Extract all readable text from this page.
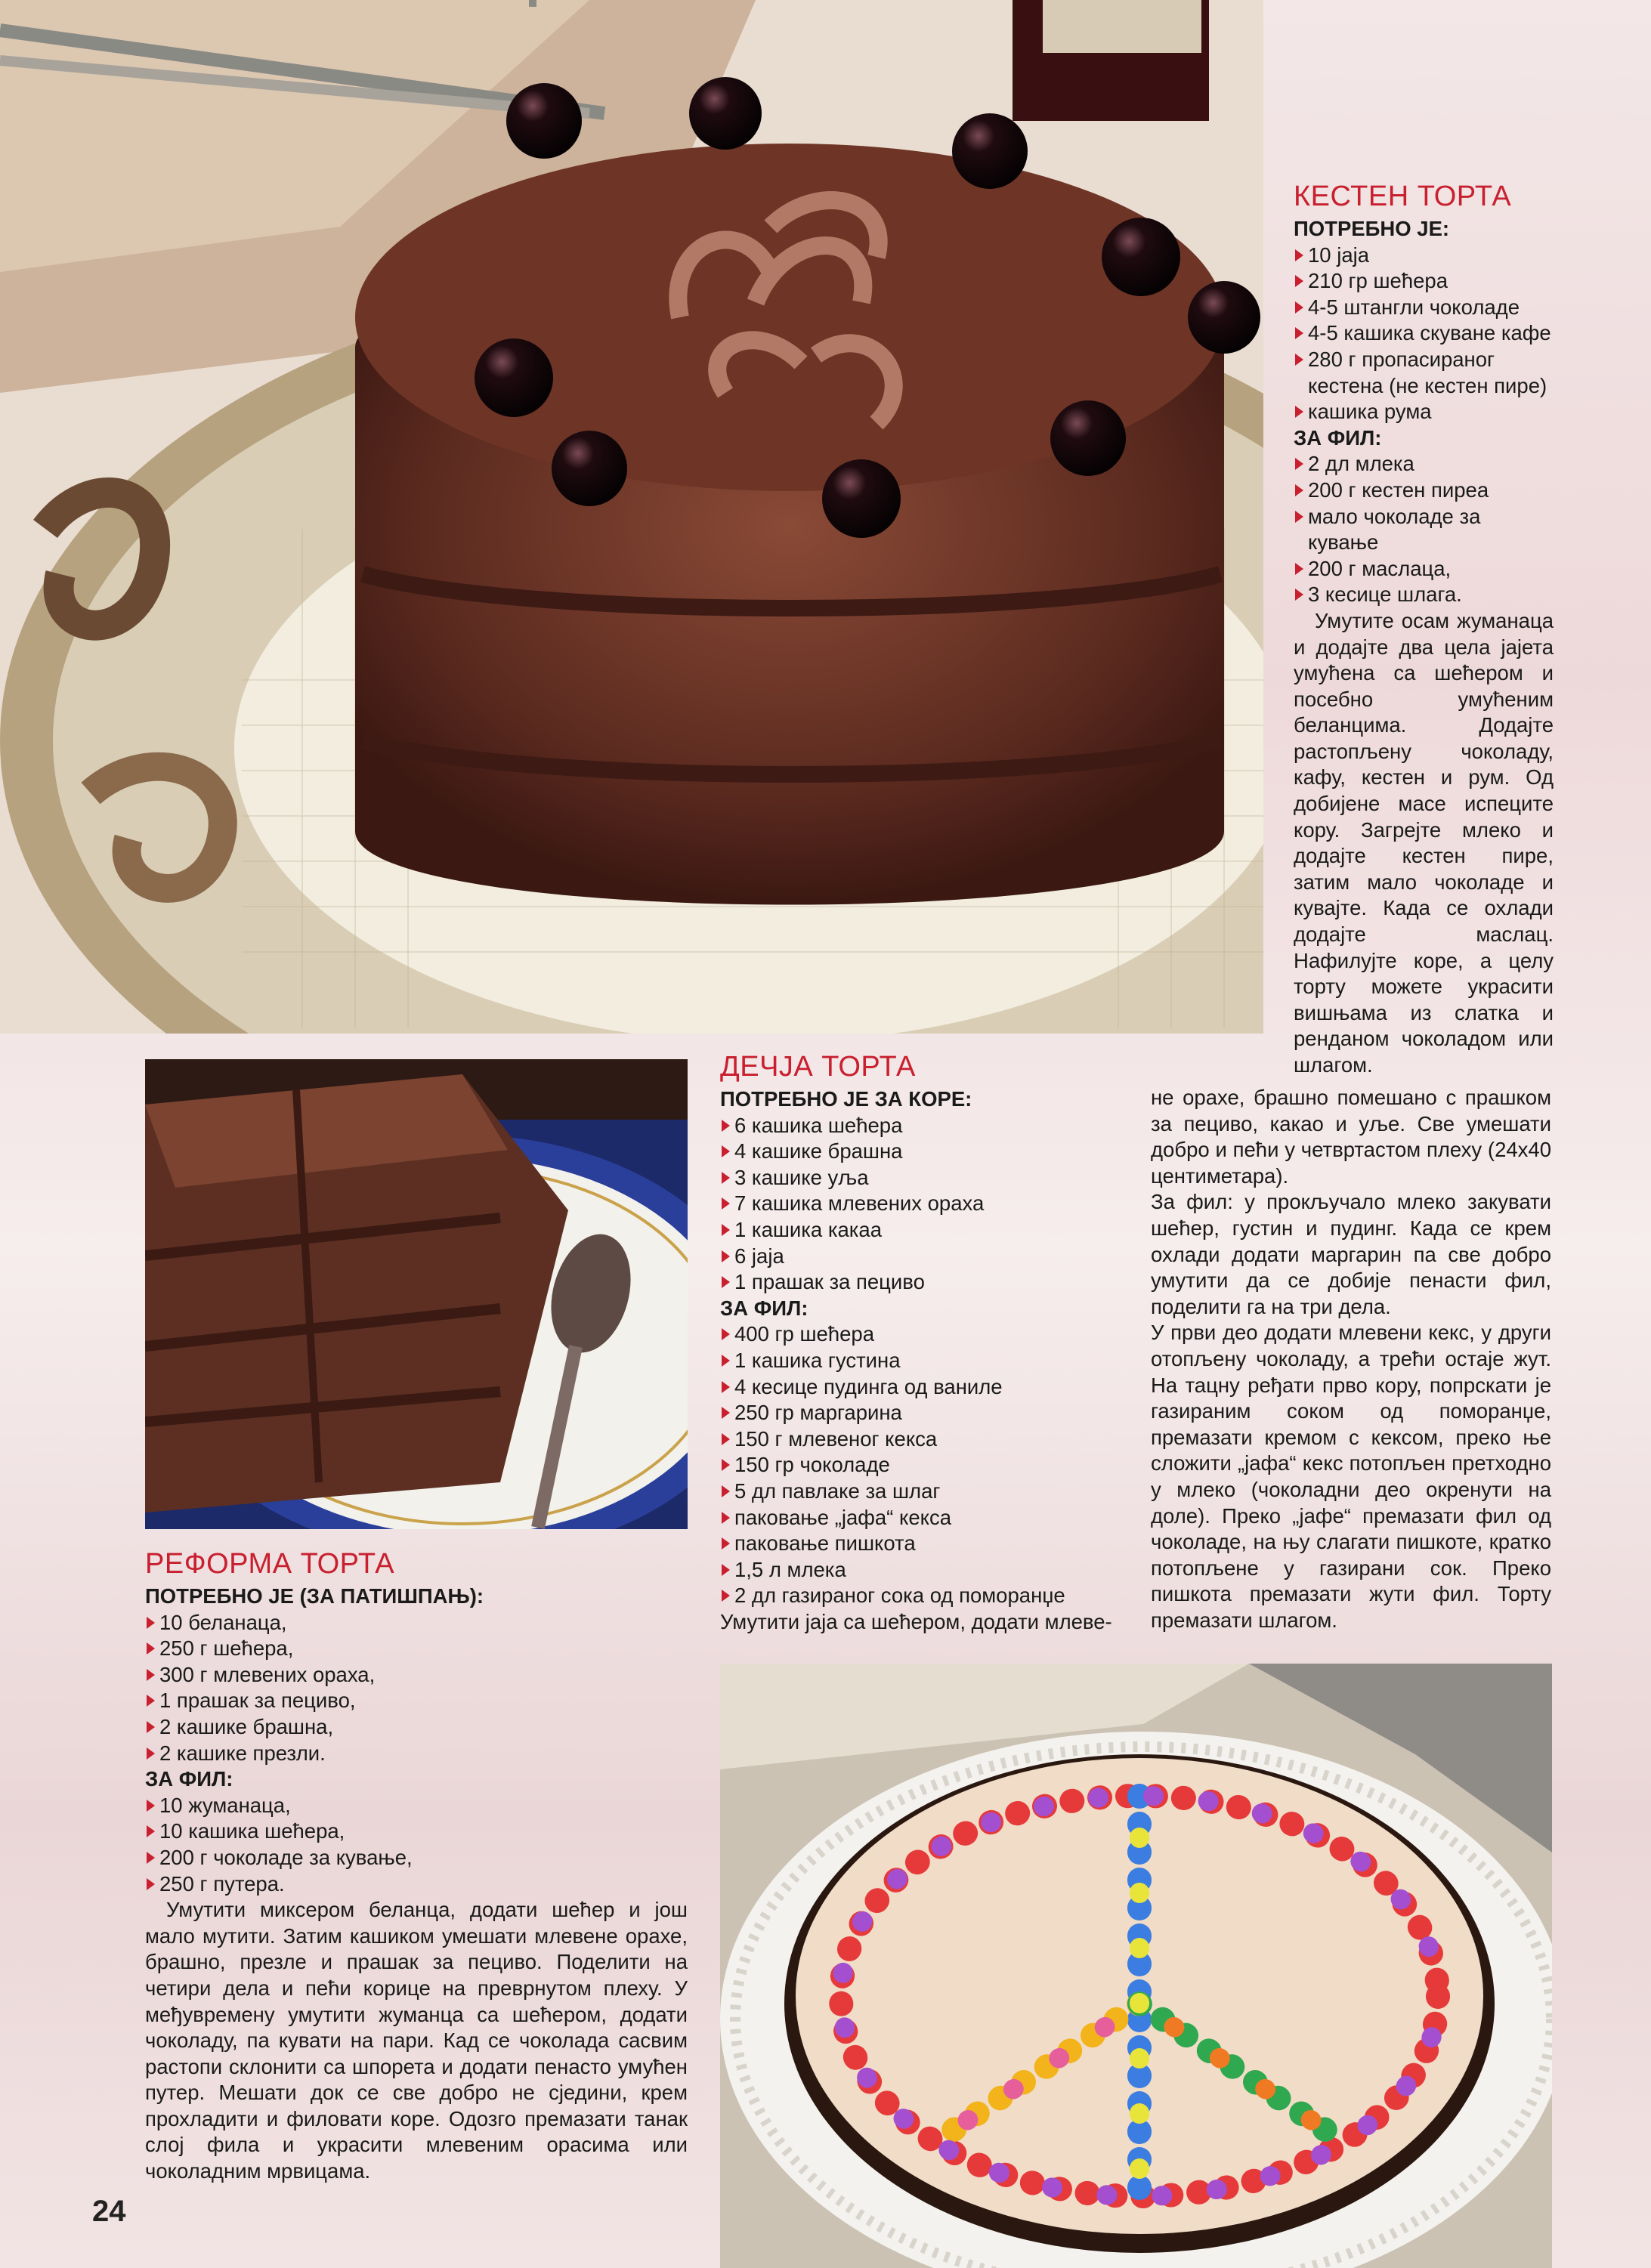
КЕСТЕН ТОРТА
ПОТРЕБНО ЈЕ:
10 јаја
210 гр шећера
4-5 штангли чоколаде
4-5 кашика скуване кафе
280 г пропасираног кестена (не кестен пире)
кашика рума
ЗА ФИЛ:
2 дл млека
200 г кестен пиреа
мало чоколаде за кување
200 г маслаца,
3 кесице шлага.
Умутите осам жуманаца и додајте два цела јајета умућена са шећером и посебно умућеним беланцима. Додајте растопљену чоколаду, кафу, кестен и рум. Од добијене масе испеците кору. Загрејте млеко и додајте кестен пире, затим мало чоколаде и кувајте. Када се охлади додајте маслац. Нафилујте коре, а целу торту можете украсити вишњама из слатка и ренданом чоколадом или шлагом.
ДЕЧЈА ТОРТА
ПОТРЕБНО ЈЕ ЗА КОРЕ:
6 кашика шећера
4 кашике брашна
3 кашике уља
7 кашика млевених ораха
1 кашика какаа
6 јаја
1 прашак за пециво
ЗА ФИЛ:
400 гр шећера
1 кашика густина
4 кесице пудинга од ваниле
250 гр маргарина
150 г млевеног кекса
150 гр чоколаде
5 дл павлаке за шлаг
паковање „јафа“ кекса
паковање пишкота
1,5 л млека
2 дл газираног сока од поморанџе
Умутити јаја са шећером, додати млеве-
не орахе, брашно помешано с прашком за пециво, какао и уље. Све умешати добро и пећи у четвртастом плеху (24х40 центиметара).
За фил: у прокључало млеко закувати шећер, густин и пудинг. Када се крем охлади додати маргарин па све добро умутити да се добије пенасти фил, поделити га на три дела.
У први део додати млевени кекс, у други отопљену чоколаду, а трећи остаје жут. На тацну ређати прво кору, попрскати је газираним соком од поморанџе, премазати кремом с кексом, преко ње сложити „јафа“ кекс потопљен претходно у млеко (чоколадни део окренути на доле). Преко „јафе“ премазати фил од чоколаде, на њу слагати пишкоте, кратко потопљене у газирани сок. Преко пишкота премазати жути фил. Торту премазати шлагом.
РЕФОРМА ТОРТА
ПОТРЕБНО ЈЕ (ЗА ПАТИШПАЊ):
10 беланаца,
250 г шећера,
300 г млевених ораха,
1 прашак за пециво,
2 кашике брашна,
2 кашике презли.
ЗА ФИЛ:
10 жуманаца,
10 кашика шећера,
200 г чоколаде за кување,
250 г путера.
Умутити миксером беланца, додати шећер и још мало мутити. Затим кашиком умешати млевене орахе, брашно, презле и прашак за пециво. Поделити на четири дела и пећи корице на преврнутом плеху. У међувремену умутити жуманца са шећером, додати чоколаду, па кувати на пари. Кад се чоколада сасвим растопи склонити са шпорета и додати пенасто умућен путер. Мешати док се све добро не сједини, крем прохладити и филовати коре. Одозго премазати танак слој фила и украсити млевеним орасима или чоколадним мрвицама.
24
